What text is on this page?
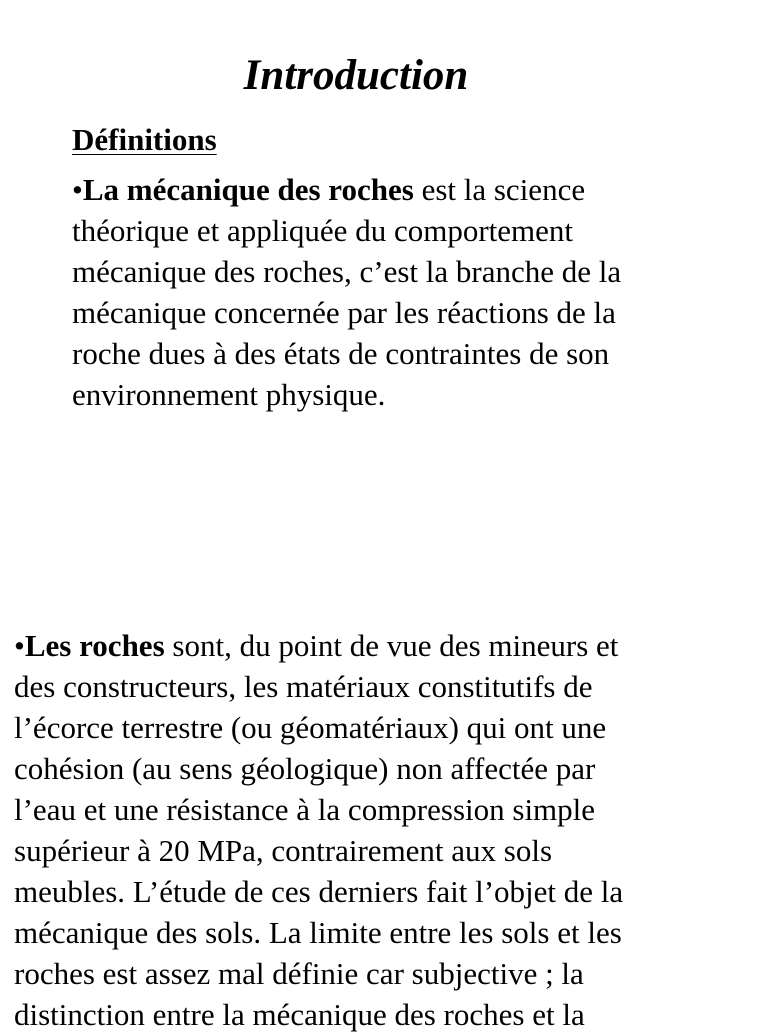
Introduction
Définitions

•La mécanique des roches est la science
théorique et appliquée du comportement
mécanique des roches, c’est la branche de la
mécanique concernée par les réactions de la
roche dues à des états de contraintes de son
environnement physique.

•Les roches sont, du point de vue des mineurs et
des constructeurs, les matériaux constitutifs de
l’écorce terrestre (ou géomatériaux) qui ont une
cohésion (au sens géologique) non affectée par
l’eau et une résistance à la compression simple
supérieur à 20 MPa, contrairement aux sols
meubles. L’étude de ces derniers fait l’objet de la
mécanique des sols. La limite entre les sols et les
roches est assez mal définie car subjective ; la
distinction entre la mécanique des roches et la
